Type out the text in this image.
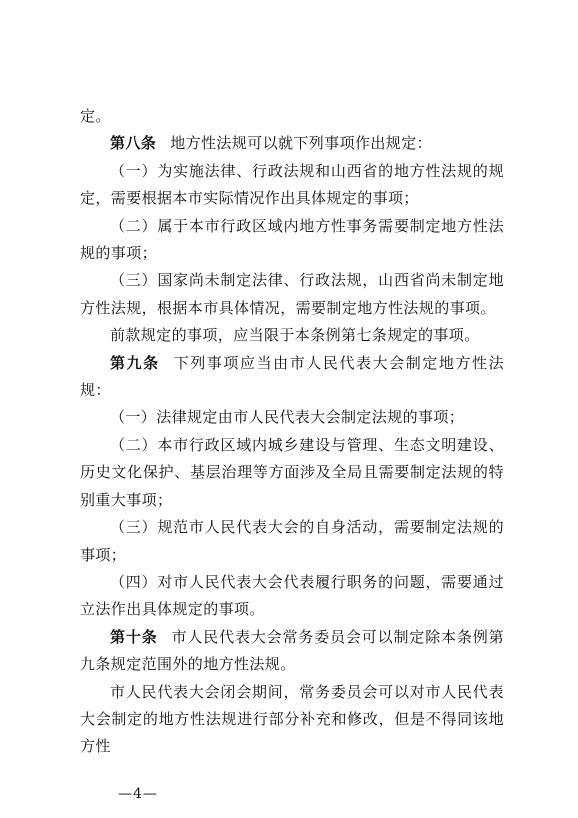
定。

第八条 地方性法规可以就下列事项作出规定：

（一）为实施法律、行政法规和山西省的地方性法规的规定，需要根据本市实际情况作出具体规定的事项；

（二）属于本市行政区域内地方性事务需要制定地方性法规的事项；

（三）国家尚未制定法律、行政法规，山西省尚未制定地方性法规，根据本市具体情况，需要制定地方性法规的事项。

前款规定的事项，应当限于本条例第七条规定的事项。

第九条 下列事项应当由市人民代表大会制定地方性法规：

（一）法律规定由市人民代表大会制定法规的事项；

（二）本市行政区域内城乡建设与管理、生态文明建设、历史文化保护、基层治理等方面涉及全局且需要制定法规的特别重大事项；

（三）规范市人民代表大会的自身活动，需要制定法规的事项；

（四）对市人民代表大会代表履行职务的问题，需要通过立法作出具体规定的事项。

第十条 市人民代表大会常务委员会可以制定除本条例第九条规定范围外的地方性法规。

市人民代表大会闭会期间，常务委员会可以对市人民代表大会制定的地方性法规进行部分补充和修改，但是不得同该地方性

—4—
